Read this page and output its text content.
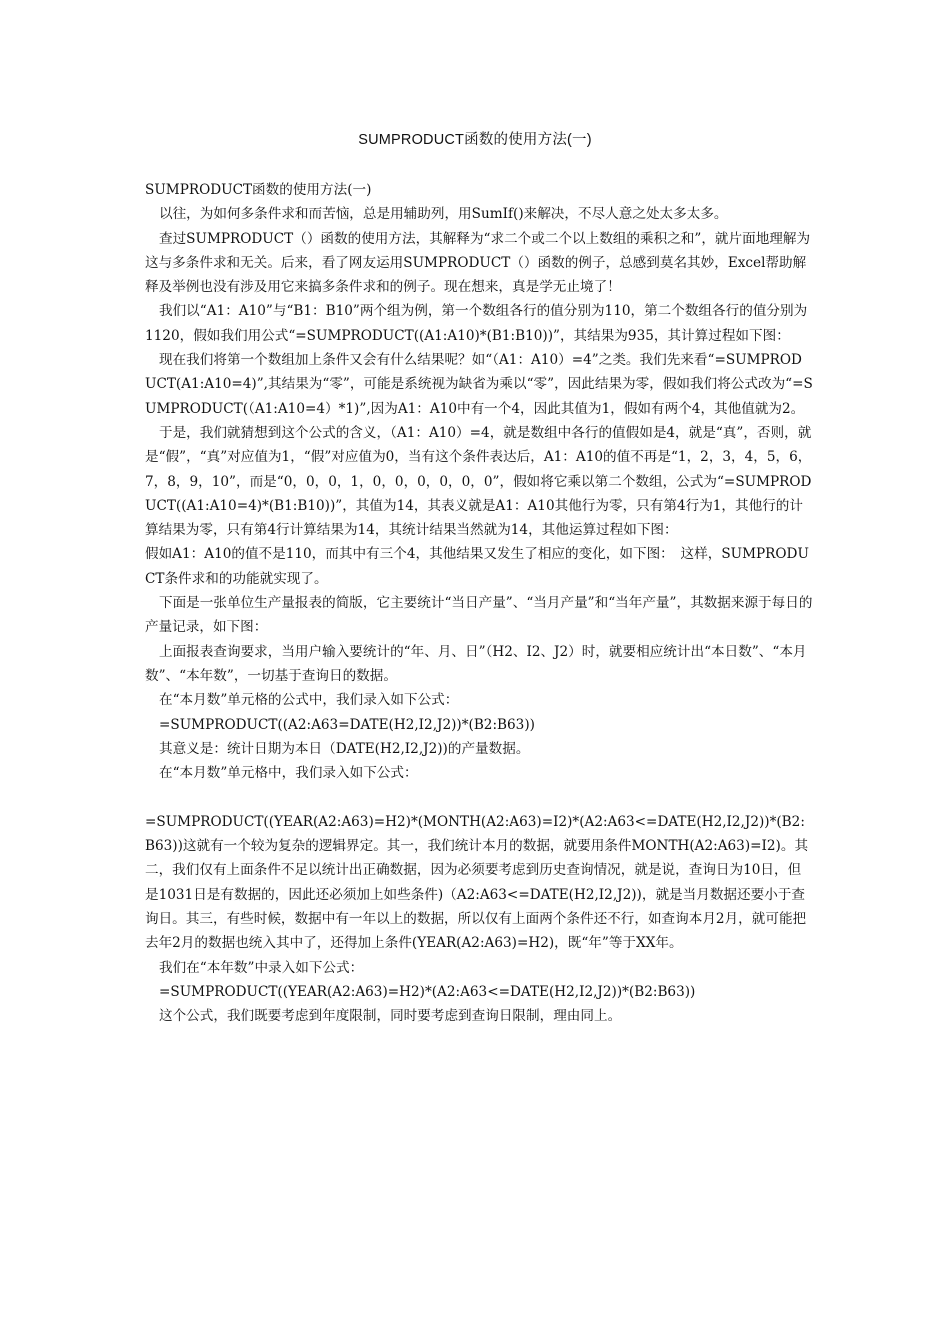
SUMPRODUCT函数的使用方法(一)

SUMPRODUCT函数的使用方法(一)

以往，为如何多条件求和而苦恼，总是用辅助列，用SumIf()来解决，不尽人意之处太多太多。

查过SUMPRODUCT（）函数的使用方法，其解释为“求二个或二个以上数组的乘积之和”，就片面地理解为这与多条件求和无关。后来，看了网友运用SUMPRODUCT（）函数的例子，总感到莫名其妙，Excel帮助解释及举例也没有涉及用它来搞多条件求和的例子。现在想来，真是学无止境了！

我们以“A1：A10”与“B1：B10”两个组为例，第一个数组各行的值分别为110，第二个数组各行的值分别为1120，假如我们用公式“=SUMPRODUCT((A1:A10)*(B1:B10))”，其结果为935，其计算过程如下图：

现在我们将第一个数组加上条件又会有什么结果呢？如“（A1：A10）=4”之类。我们先来看“=SUMPRODUCT(A1:A10=4)”,其结果为“零”，可能是系统视为缺省为乘以“零”，因此结果为零，假如我们将公式改为“=SUMPRODUCT(（A1:A10=4）*1)”,因为A1：A10中有一个4，因此其值为1，假如有两个4，其他值就为2。

于是，我们就猜想到这个公式的含义，（A1：A10）=4，就是数组中各行的值假如是4，就是“真”，否则，就是“假”，“真”对应值为1，“假”对应值为0，当有这个条件表达后，A1：A10的值不再是“1，2，3，4，5，6，7，8，9，10”，而是“0，0，0，1，0，0，0，0，0，0”，假如将它乘以第二个数组，公式为“=SUMPRODUCT((A1:A10=4)*(B1:B10))”，其值为14，其表义就是A1：A10其他行为零，只有第4行为1，其他行的计算结果为零，只有第4行计算结果为14，其统计结果当然就为14，其他运算过程如下图：

假如A1：A10的值不是110，而其中有三个4，其他结果又发生了相应的变化，如下图：　这样，SUMPRODUCT条件求和的功能就实现了。

下面是一张单位生产量报表的简版，它主要统计“当日产量”、“当月产量”和“当年产量”，其数据来源于每日的产量记录，如下图：

上面报表查询要求，当用户输入要统计的“年、月、日”（H2、I2、J2）时，就要相应统计出“本日数”、“本月数”、“本年数”，一切基于查询日的数据。

在“本月数”单元格的公式中，我们录入如下公式：

=SUMPRODUCT((A2:A63=DATE(H2,I2,J2))*(B2:B63))

其意义是：统计日期为本日（DATE(H2,I2,J2))的产量数据。

在“本月数”单元格中，我们录入如下公式：

=SUMPRODUCT((YEAR(A2:A63)=H2)*(MONTH(A2:A63)=I2)*(A2:A63<=DATE(H2,I2,J2))*(B2:B63))这就有一个较为复杂的逻辑界定。其一，我们统计本月的数据，就要用条件MONTH(A2:A63)=I2)。其二，我们仅有上面条件不足以统计出正确数据，因为必须要考虑到历史查询情况，就是说，查询日为10日，但是1031日是有数据的，因此还必须加上如些条件)（A2:A63<=DATE(H2,I2,J2))，就是当月数据还要小于查询日。其三，有些时候，数据中有一年以上的数据，所以仅有上面两个条件还不行，如查询本月2月，就可能把去年2月的数据也统入其中了，还得加上条件(YEAR(A2:A63)=H2)，既“年”等于XX年。

我们在“本年数”中录入如下公式：

=SUMPRODUCT((YEAR(A2:A63)=H2)*(A2:A63<=DATE(H2,I2,J2))*(B2:B63))

这个公式，我们既要考虑到年度限制，同时要考虑到查询日限制，理由同上。
